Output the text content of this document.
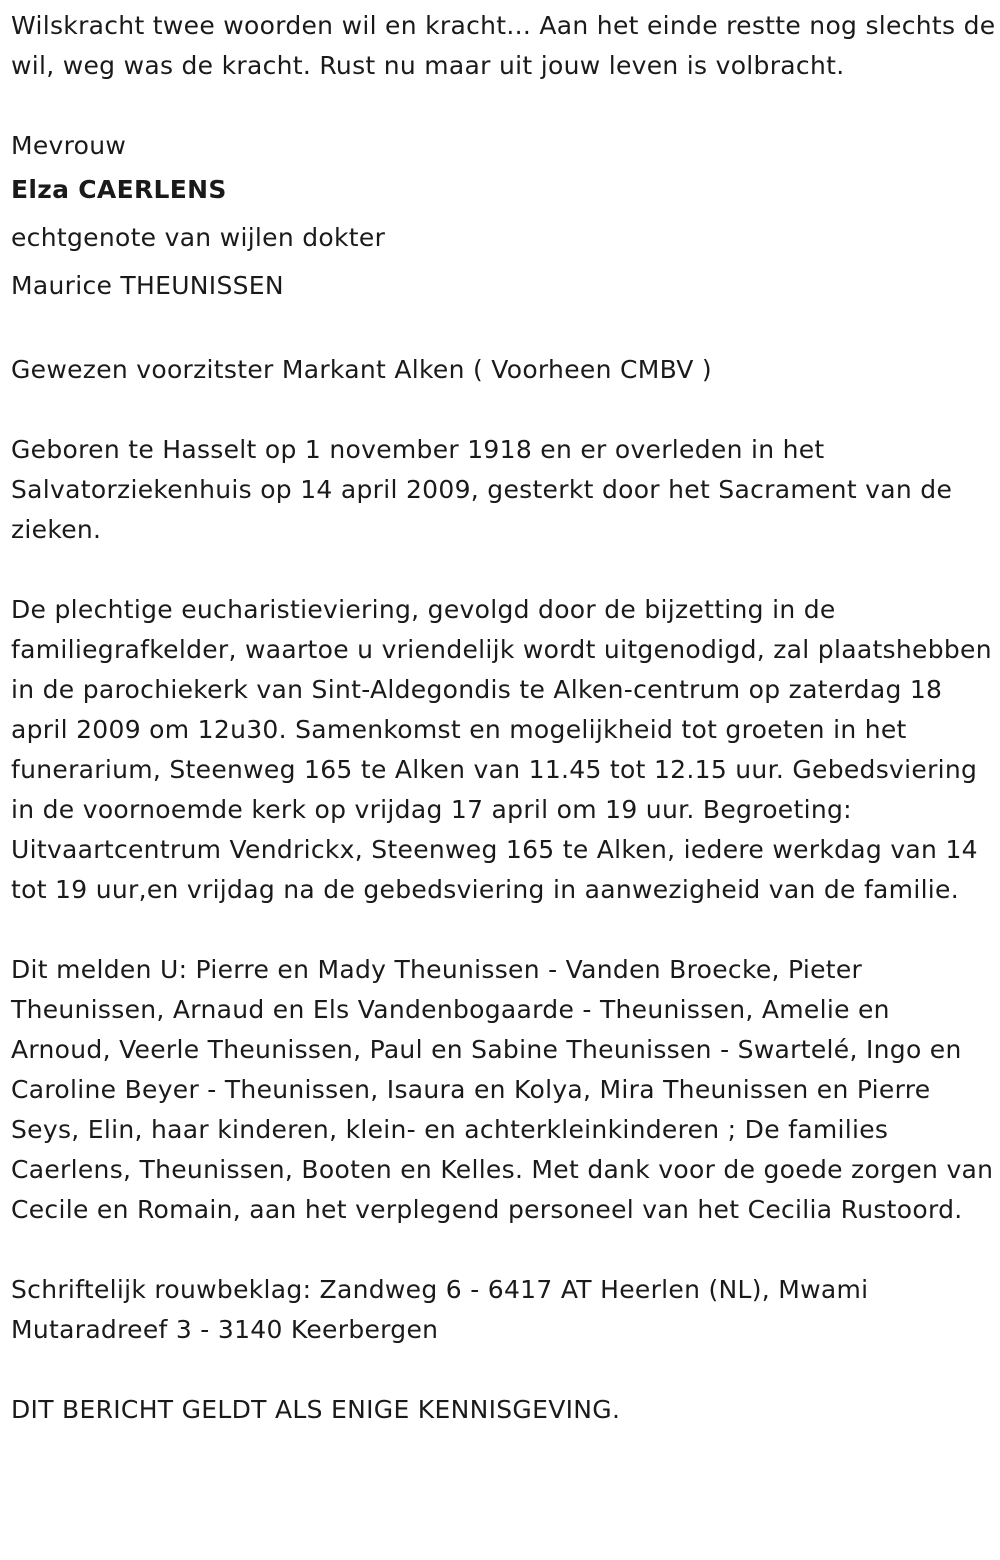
Wilskracht twee woorden wil en kracht... Aan het einde restte nog slechts de wil, weg was de kracht. Rust nu maar uit jouw leven is volbracht.

Mevrouw

Elza CAERLENS

echtgenote van wijlen dokter

Maurice THEUNISSEN

Gewezen voorzitster Markant Alken ( Voorheen CMBV )

Geboren te Hasselt op 1 november 1918 en er overleden in het Salvatorziekenhuis op 14 april 2009, gesterkt door het Sacrament van de zieken.

De plechtige eucharistieviering, gevolgd door de bijzetting in de familiegrafkelder, waartoe u vriendelijk wordt uitgenodigd, zal plaatshebben in de parochiekerk van Sint-Aldegondis te Alken-centrum op zaterdag 18 april 2009 om 12u30. Samenkomst en mogelijkheid tot groeten in het funerarium, Steenweg 165 te Alken van 11.45 tot 12.15 uur. Gebedsviering in de voornoemde kerk op vrijdag 17 april om 19 uur. Begroeting: Uitvaartcentrum Vendrickx, Steenweg 165 te Alken, iedere werkdag van 14 tot 19 uur,en vrijdag na de gebedsviering in aanwezigheid van de familie.

Dit melden U: Pierre en Mady Theunissen - Vanden Broecke, Pieter Theunissen, Arnaud en Els Vandenbogaarde - Theunissen, Amelie en Arnoud, Veerle Theunissen, Paul en Sabine Theunissen - Swartelé, Ingo en Caroline Beyer - Theunissen, Isaura en Kolya, Mira Theunissen en Pierre Seys, Elin, haar kinderen, klein- en achterkleinkinderen ; De families Caerlens, Theunissen, Booten en Kelles. Met dank voor de goede zorgen van Cecile en Romain, aan het verplegend personeel van het Cecilia Rustoord.

Schriftelijk rouwbeklag: Zandweg 6 - 6417 AT Heerlen (NL), Mwami Mutaradreef 3 - 3140 Keerbergen

DIT BERICHT GELDT ALS ENIGE KENNISGEVING.
